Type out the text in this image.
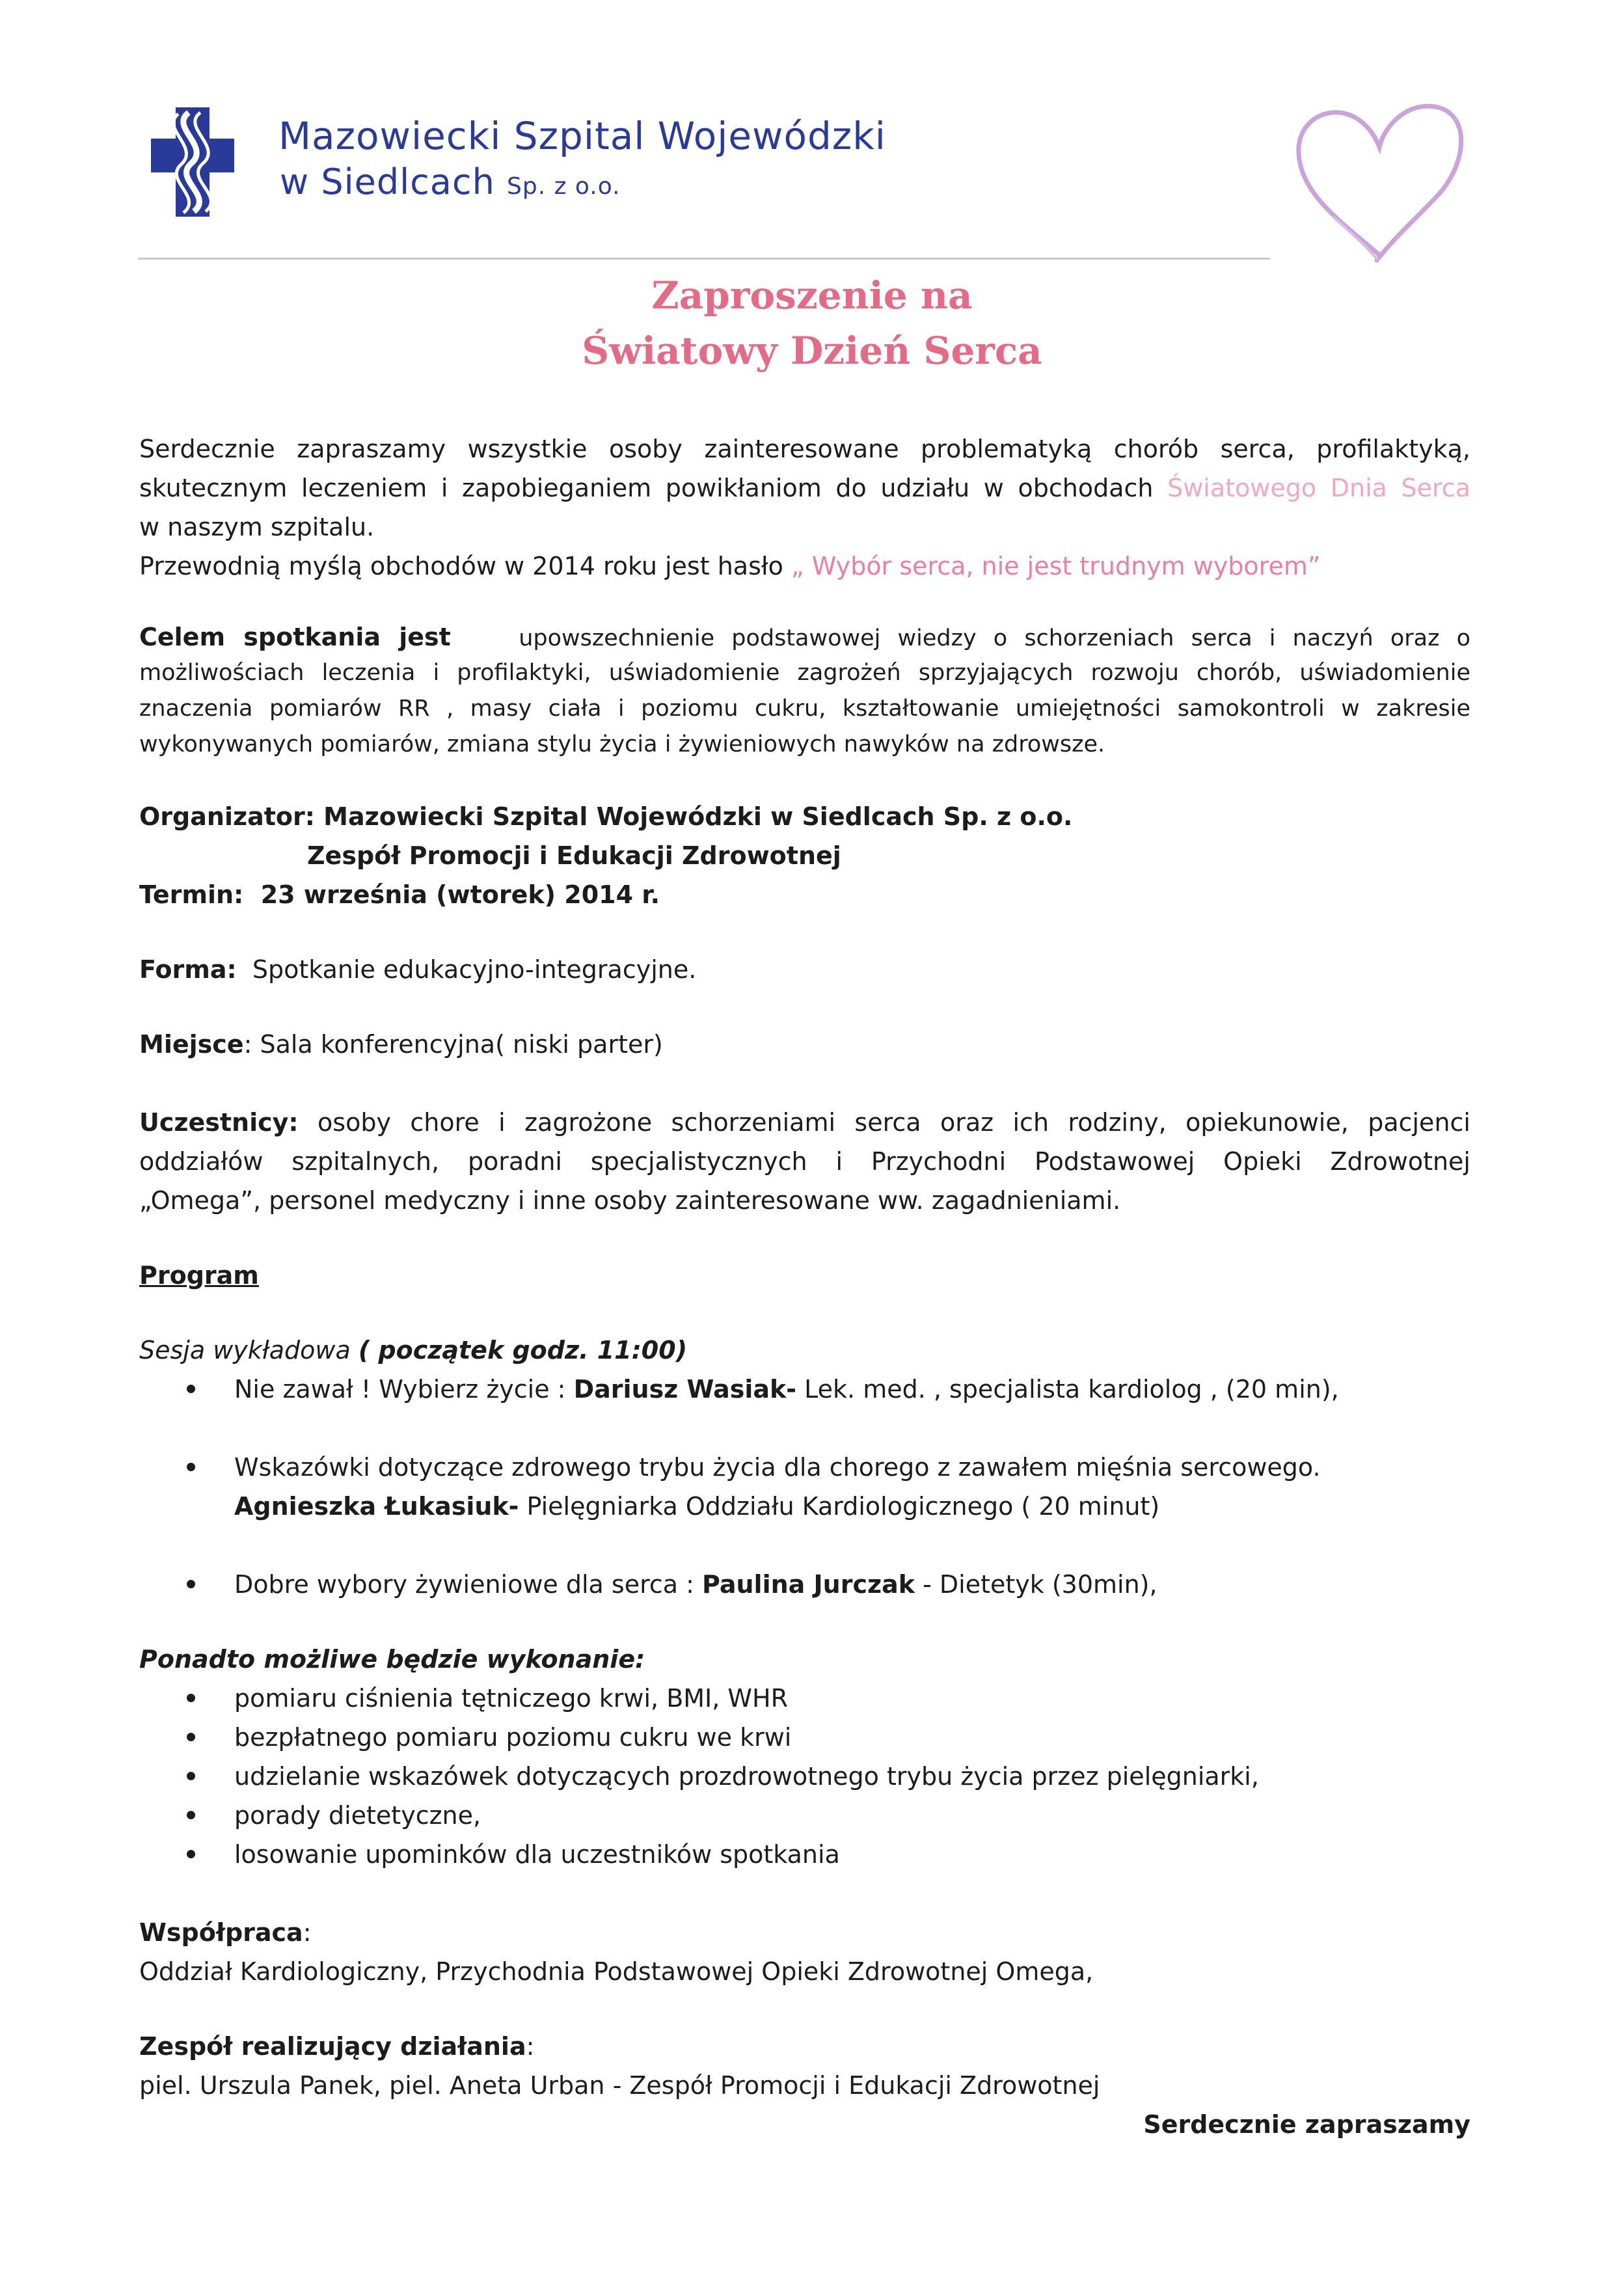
Mazowiecki Szpital Wojewódzki
w Siedlcach Sp. z o.o.
Zaproszenie na
Światowy Dzień Serca
Serdecznie zapraszamy wszystkie osoby zainteresowane problematyką chorób serca, profilaktyką,
skutecznym leczeniem i zapobieganiem powikłaniom do udziału w obchodach Światowego Dnia Serca
w naszym szpitalu.
Przewodnią myślą obchodów w 2014 roku jest hasło „ Wybór serca, nie jest trudnym wyborem”
Celem spotkania jest	upowszechnienie podstawowej wiedzy o schorzeniach serca i naczyń oraz o
możliwościach leczenia i profilaktyki, uświadomienie zagrożeń sprzyjających rozwoju chorób, uświadomienie
znaczenia pomiarów RR , masy ciała i poziomu cukru, kształtowanie umiejętności samokontroli w zakresie
wykonywanych pomiarów, zmiana stylu życia i żywieniowych nawyków na zdrowsze.
Organizator: Mazowiecki Szpital Wojewódzki w Siedlcach Sp. z o.o.
Zespół Promocji i Edukacji Zdrowotnej
Termin: 23 września (wtorek) 2014 r.
Forma: Spotkanie edukacyjno-integracyjne.
Miejsce: Sala konferencyjna( niski parter)
Uczestnicy: osoby chore i zagrożone schorzeniami serca oraz ich rodziny, opiekunowie, pacjenci
oddziałów szpitalnych, poradni specjalistycznych i Przychodni Podstawowej Opieki Zdrowotnej
„Omega”, personel medyczny i inne osoby zainteresowane ww. zagadnieniami.
Program
Sesja wykładowa ( początek godz. 11:00)
Nie zawał ! Wybierz życie : Dariusz Wasiak- Lek. med. , specjalista kardiolog , (20 min),
Wskazówki dotyczące zdrowego trybu życia dla chorego z zawałem mięśnia sercowego.
Agnieszka Łukasiuk- Pielęgniarka Oddziału Kardiologicznego ( 20 minut)
Dobre wybory żywieniowe dla serca : Paulina Jurczak - Dietetyk (30min),
Ponadto możliwe będzie wykonanie:
pomiaru ciśnienia tętniczego krwi, BMI, WHR
bezpłatnego pomiaru poziomu cukru we krwi
udzielanie wskazówek dotyczących prozdrowotnego trybu życia przez pielęgniarki,
porady dietetyczne,
losowanie upominków dla uczestników spotkania
Współpraca:
Oddział Kardiologiczny, Przychodnia Podstawowej Opieki Zdrowotnej Omega,
Zespół realizujący działania:
piel. Urszula Panek, piel. Aneta Urban - Zespół Promocji i Edukacji Zdrowotnej
Serdecznie zapraszamy
